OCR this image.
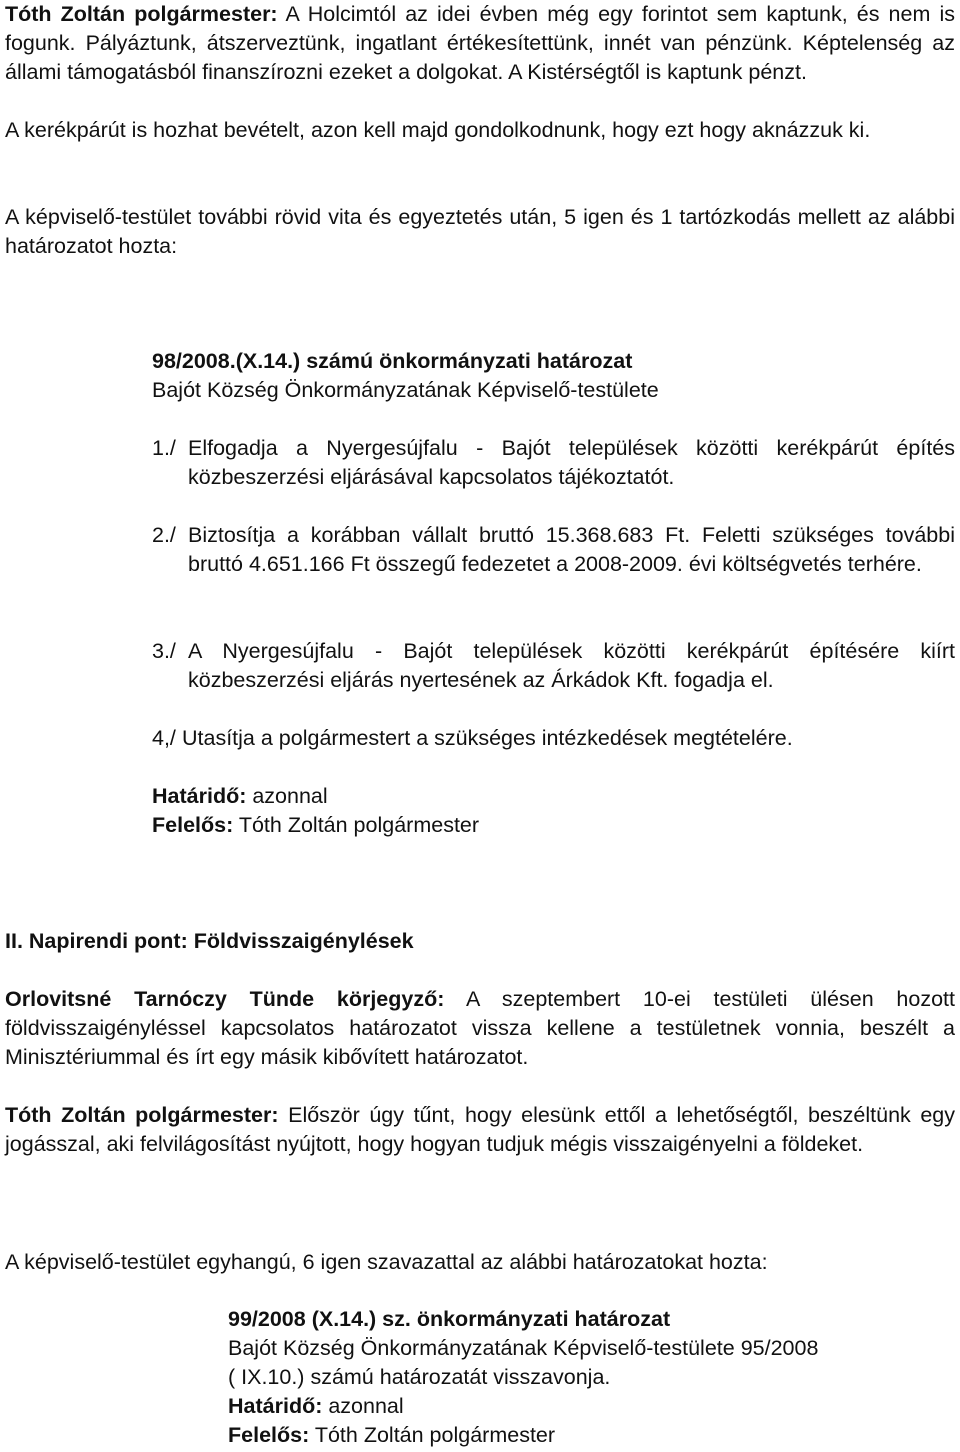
Tóth Zoltán polgármester: A Holcimtól az idei évben még egy forintot sem kaptunk, és nem is fogunk. Pályáztunk, átszerveztünk, ingatlant értékesítettünk, innét van pénzünk. Képtelenség az állami támogatásból finanszírozni ezeket a dolgokat. A Kistérségtől is kaptunk pénzt.

A kerékpárút is hozhat bevételt, azon kell majd gondolkodnunk, hogy ezt hogy aknázzuk ki.

A képviselő-testület további rövid vita és egyeztetés után, 5 igen és 1 tartózkodás mellett az alábbi határozatot hozta:

98/2008.(X.14.) számú önkormányzati határozat

Bajót Község Önkormányzatának Képviselő-testülete

1./ Elfogadja a Nyergesújfalu - Bajót települések közötti kerékpárút építés közbeszerzési eljárásával kapcsolatos tájékoztatót.

2./ Biztosítja a korábban vállalt bruttó 15.368.683 Ft. Feletti szükséges további bruttó 4.651.166 Ft összegű fedezetet a 2008-2009. évi költségvetés terhére.

3./ A Nyergesújfalu - Bajót települések közötti kerékpárút építésére kiírt közbeszerzési eljárás nyertesének az Árkádok Kft. fogadja el.

4,/ Utasítja a polgármestert a szükséges intézkedések megtételére.

Határidő: azonnal

Felelős: Tóth Zoltán polgármester

II. Napirendi pont: Földvisszaigénylések

Orlovitsné Tarnóczy Tünde körjegyző: A szeptembert 10-ei testületi ülésen hozott földvisszaigényléssel kapcsolatos határozatot vissza kellene a testületnek vonnia, beszélt a Minisztériummal és írt egy másik kibővített határozatot.

Tóth Zoltán polgármester: Először úgy tűnt, hogy elesünk ettől a lehetőségtől, beszéltünk egy jogásszal, aki felvilágosítást nyújtott, hogy hogyan tudjuk mégis visszaigényelni a földeket.

A képviselő-testület egyhangú, 6 igen szavazattal az alábbi határozatokat hozta:

99/2008 (X.14.) sz. önkormányzati határozat

Bajót Község Önkormányzatának Képviselő-testülete 95/2008

( IX.10.) számú határozatát visszavonja.

Határidő: azonnal

Felelős: Tóth Zoltán polgármester
